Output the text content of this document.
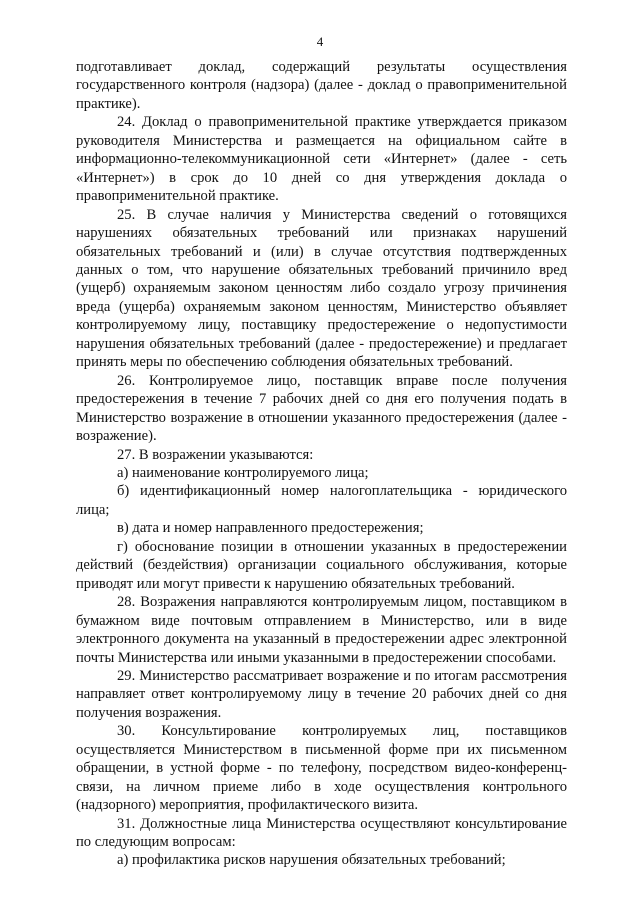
4

подготавливает доклад, содержащий результаты осуществления государственного контроля (надзора) (далее - доклад о правоприменительной практике).

24. Доклад о правоприменительной практике утверждается приказом руководителя Министерства и размещается на официальном сайте в информационно-телекоммуникационной сети «Интернет» (далее - сеть «Интернет») в срок до 10 дней со дня утверждения доклада о правоприменительной практике.

25. В случае наличия у Министерства сведений о готовящихся нарушениях обязательных требований или признаках нарушений обязательных требований и (или) в случае отсутствия подтвержденных данных о том, что нарушение обязательных требований причинило вред (ущерб) охраняемым законом ценностям либо создало угрозу причинения вреда (ущерба) охраняемым законом ценностям, Министерство объявляет контролируемому лицу, поставщику предостережение о недопустимости нарушения обязательных требований (далее - предостережение) и предлагает принять меры по обеспечению соблюдения обязательных требований.

26. Контролируемое лицо, поставщик вправе после получения предостережения в течение 7 рабочих дней со дня его получения подать в Министерство возражение в отношении указанного предостережения (далее - возражение).

27. В возражении указываются:

а) наименование контролируемого лица;

б) идентификационный номер налогоплательщика - юридического лица;

в) дата и номер направленного предостережения;

г) обоснование позиции в отношении указанных в предостережении действий (бездействия) организации социального обслуживания, которые приводят или могут привести к нарушению обязательных требований.

28. Возражения направляются контролируемым лицом, поставщиком в бумажном виде почтовым отправлением в Министерство, или в виде электронного документа на указанный в предостережении адрес электронной почты Министерства или иными указанными в предостережении способами.

29. Министерство рассматривает возражение и по итогам рассмотрения направляет ответ контролируемому лицу в течение 20 рабочих дней со дня получения возражения.

30. Консультирование контролируемых лиц, поставщиков осуществляется Министерством в письменной форме при их письменном обращении, в устной форме - по телефону, посредством видео-конференц-связи, на личном приеме либо в ходе осуществления контрольного (надзорного) мероприятия, профилактического визита.

31. Должностные лица Министерства осуществляют консультирование по следующим вопросам:

а) профилактика рисков нарушения обязательных требований;
